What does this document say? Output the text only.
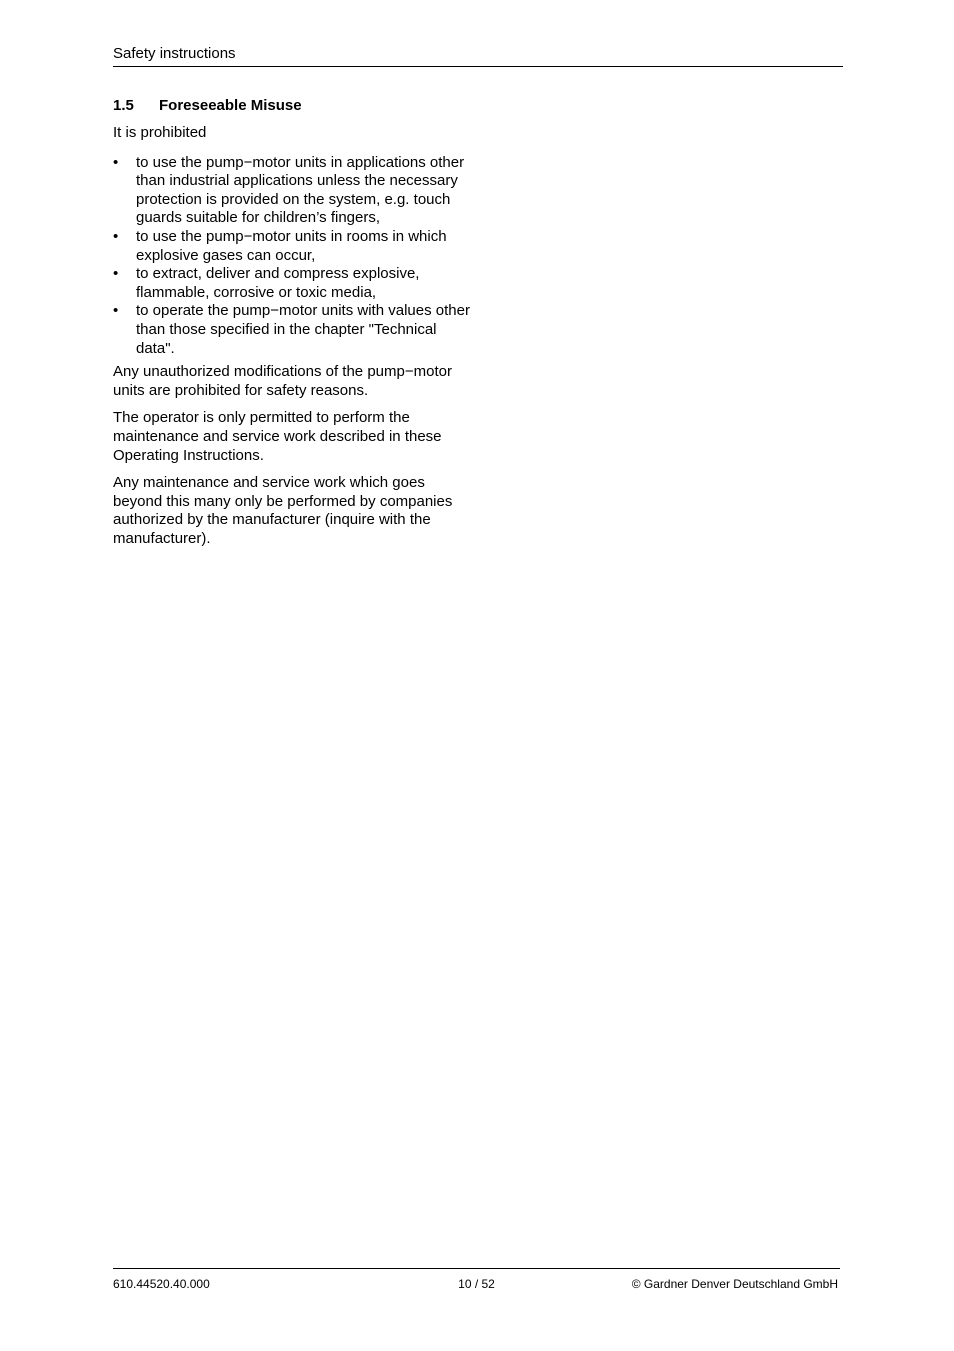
Safety instructions
1.5	Foreseeable Misuse

It is prohibited

•	to use the pump−motor units in applications other than industrial applications unless the necessary protection is provided on the system, e.g. touch guards suitable for children’s fingers,
•	to use the pump−motor units in rooms in which explosive gases can occur,
•	to extract, deliver and compress explosive, flammable, corrosive or toxic media,
•	to operate the pump−motor units with values other than those specified in the chapter "Technical data".

Any unauthorized modifications of the pump−motor units are prohibited for safety reasons.

The operator is only permitted to perform the maintenance and service work described in these Operating Instructions.

Any maintenance and service work which goes beyond this many only be performed by companies authorized by the manufacturer (inquire with the manufacturer).

610.44520.40.000	10 / 52	© Gardner Denver Deutschland GmbH
